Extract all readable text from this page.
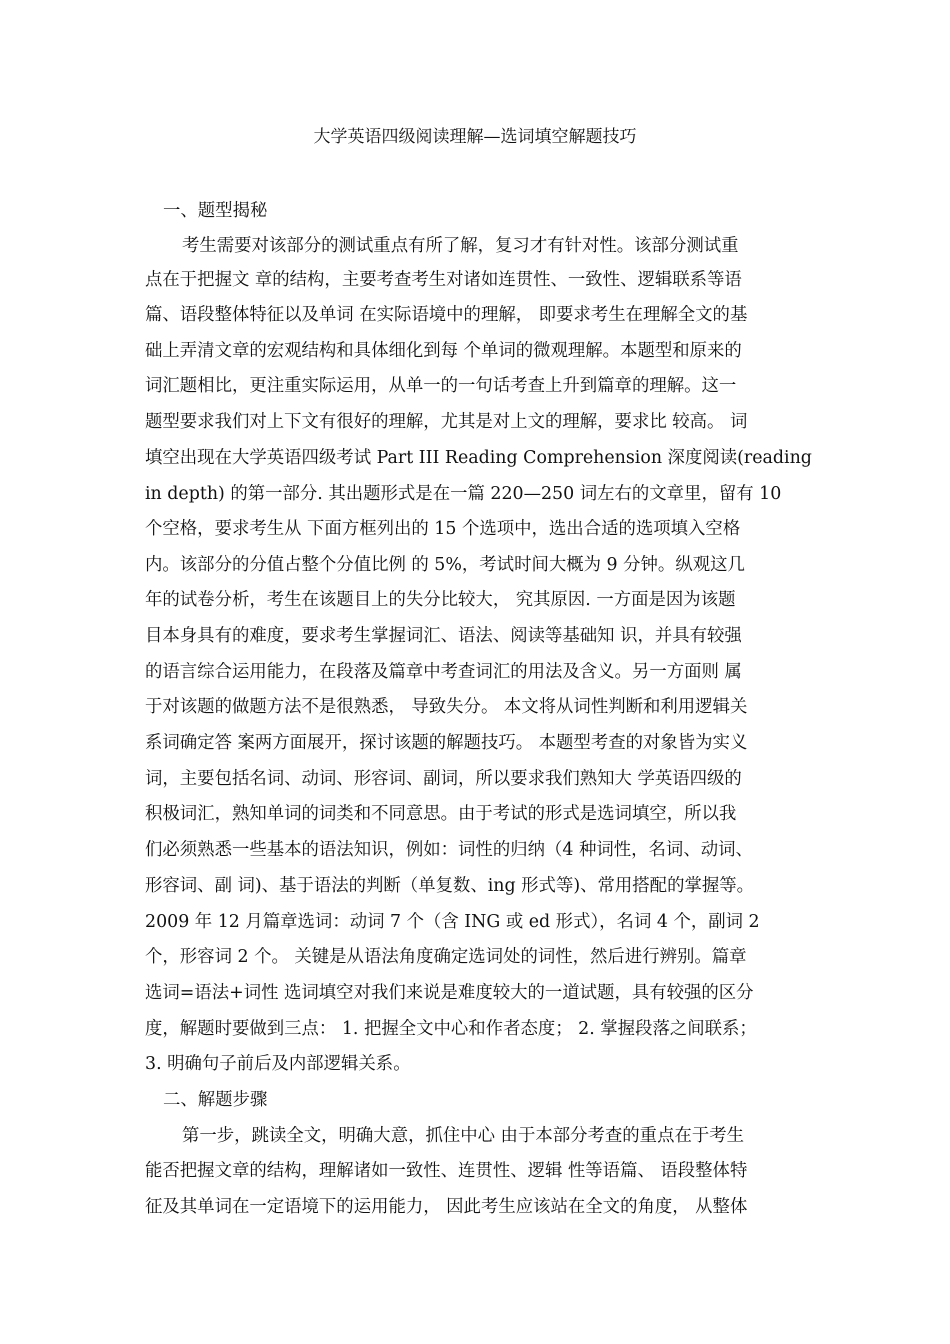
大学英语四级阅读理解—选词填空解题技巧
一、题型揭秘
考生需要对该部分的测试重点有所了解，复习才有针对性。该部分测试重
点在于把握文 章的结构，主要考查考生对诸如连贯性、一致性、逻辑联系等语
篇、语段整体特征以及单词 在实际语境中的理解， 即要求考生在理解全文的基
础上弄清文章的宏观结构和具体细化到每 个单词的微观理解。本题型和原来的
词汇题相比，更注重实际运用，从单一的一句话考查上升到篇章的理解。这一
题型要求我们对上下文有很好的理解，尤其是对上文的理解，要求比 较高。 词
填空出现在大学英语四级考试 Part III Reading Comprehension 深度阅读(reading
in depth) 的第一部分. 其出题形式是在一篇 220—250 词左右的文章里，留有 10
个空格，要求考生从 下面方框列出的 15 个选项中，选出合适的选项填入空格
内。该部分的分值占整个分值比例 的 5%，考试时间大概为 9 分钟。纵观这几
年的试卷分析，考生在该题目上的失分比较大， 究其原因. 一方面是因为该题
目本身具有的难度，要求考生掌握词汇、语法、阅读等基础知 识，并具有较强
的语言综合运用能力，在段落及篇章中考查词汇的用法及含义。另一方面则 属
于对该题的做题方法不是很熟悉， 导致失分。 本文将从词性判断和利用逻辑关
系词确定答 案两方面展开，探讨该题的解题技巧。 本题型考查的对象皆为实义
词，主要包括名词、动词、形容词、副词，所以要求我们熟知大 学英语四级的
积极词汇，熟知单词的词类和不同意思。由于考试的形式是选词填空，所以我
们必须熟悉一些基本的语法知识，例如：词性的归纳（4 种词性，名词、动词、
形容词、副 词)、基于语法的判断（单复数、ing 形式等)、常用搭配的掌握等。
2009 年 12 月篇章选词：动词 7 个（含 ING 或 ed 形式），名词 4 个，副词 2
个，形容词 2 个。 关键是从语法角度确定选词处的词性，然后进行辨别。篇章
选词=语法+词性 选词填空对我们来说是难度较大的一道试题，具有较强的区分
度，解题时要做到三点： 1. 把握全文中心和作者态度； 2. 掌握段落之间联系；
3. 明确句子前后及内部逻辑关系。
二、解题步骤
第一步，跳读全文，明确大意，抓住中心 由于本部分考查的重点在于考生
能否把握文章的结构，理解诸如一致性、连贯性、逻辑 性等语篇、 语段整体特
征及其单词在一定语境下的运用能力， 因此考生应该站在全文的角度， 从整体
